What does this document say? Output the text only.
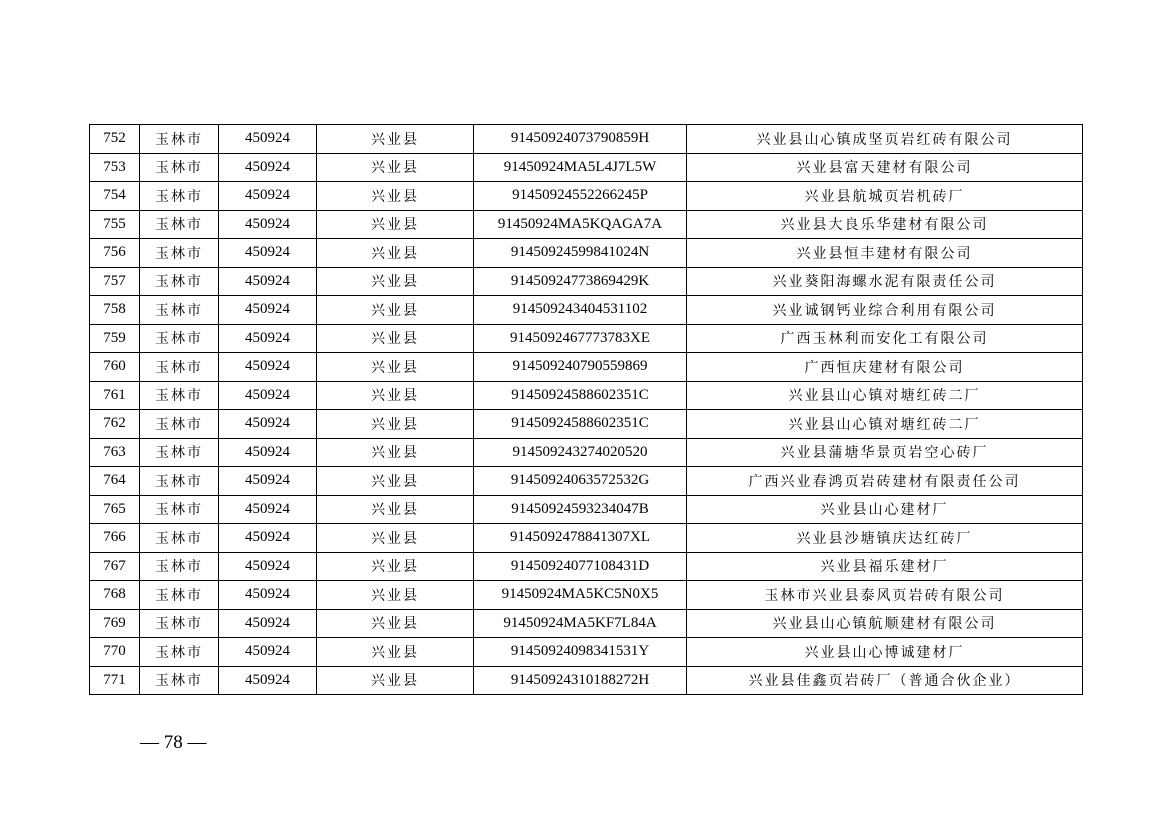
752	玉林市	450924	兴业县	91450924073790859H	兴业县山心镇成坚页岩红砖有限公司
753	玉林市	450924	兴业县	91450924MA5L4J7L5W	兴业县富天建材有限公司
754	玉林市	450924	兴业县	91450924552266245P	兴业县航城页岩机砖厂
755	玉林市	450924	兴业县	91450924MA5KQAGA7A	兴业县大良乐华建材有限公司
756	玉林市	450924	兴业县	91450924599841024N	兴业县恒丰建材有限公司
757	玉林市	450924	兴业县	91450924773869429K	兴业葵阳海螺水泥有限责任公司
758	玉林市	450924	兴业县	914509243404531102	兴业诚钢钙业综合利用有限公司
759	玉林市	450924	兴业县	9145092467773783XE	广西玉林利而安化工有限公司
760	玉林市	450924	兴业县	914509240790559869	广西恒庆建材有限公司
761	玉林市	450924	兴业县	91450924588602351C	兴业县山心镇对塘红砖二厂
762	玉林市	450924	兴业县	91450924588602351C	兴业县山心镇对塘红砖二厂
763	玉林市	450924	兴业县	914509243274020520	兴业县蒲塘华景页岩空心砖厂
764	玉林市	450924	兴业县	91450924063572532G	广西兴业春鸿页岩砖建材有限责任公司
765	玉林市	450924	兴业县	91450924593234047B	兴业县山心建材厂
766	玉林市	450924	兴业县	9145092478841307XL	兴业县沙塘镇庆达红砖厂
767	玉林市	450924	兴业县	91450924077108431D	兴业县福乐建材厂
768	玉林市	450924	兴业县	91450924MA5KC5N0X5	玉林市兴业县泰风页岩砖有限公司
769	玉林市	450924	兴业县	91450924MA5KF7L84A	兴业县山心镇航顺建材有限公司
770	玉林市	450924	兴业县	91450924098341531Y	兴业县山心博诚建材厂
771	玉林市	450924	兴业县	91450924310188272H	兴业县佳鑫页岩砖厂（普通合伙企业）
— 78 —
